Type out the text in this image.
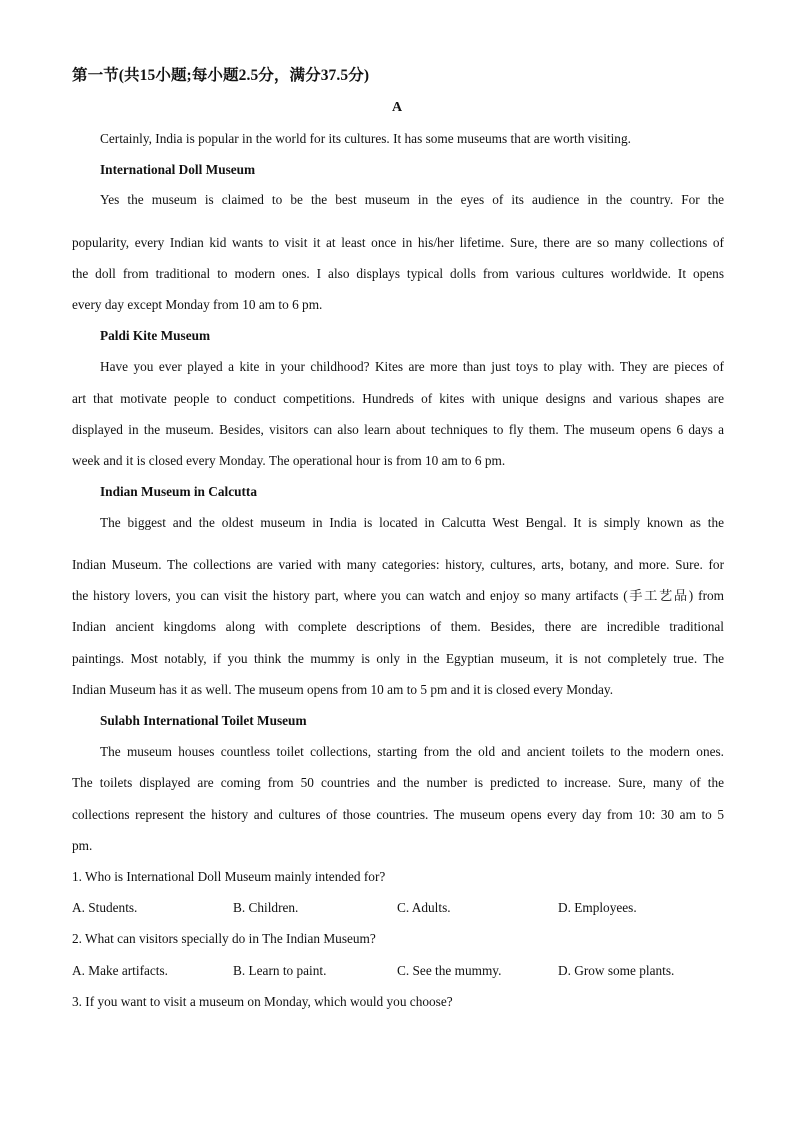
第一节(共15小题;每小题2.5分，满分37.5分)
A
Certainly, India is popular in the world for its cultures. It has some museums that are worth visiting.
International Doll Museum
Yes the museum is claimed to be the best museum in the eyes of its audience in the country. For the
popularity, every Indian kid wants to visit it at least once in his/her lifetime. Sure, there are so many collections of
the doll from traditional to modern ones. I also displays typical dolls from various cultures worldwide. It opens
every day except Monday from 10 am to 6 pm.
Paldi Kite Museum
Have you ever played a kite in your childhood? Kites are more than just toys to play with. They are pieces of
art that motivate people to conduct competitions. Hundreds of kites with unique designs and various shapes are
displayed in the museum. Besides, visitors can also learn about techniques to fly them. The museum opens 6 days a
week and it is closed every Monday. The operational hour is from 10 am to 6 pm.
Indian Museum in Calcutta
The biggest and the oldest museum in India is located in Calcutta West Bengal. It is simply known as the
Indian Museum. The collections are varied with many categories: history, cultures, arts, botany, and more. Sure. for
the history lovers, you can visit the history part, where you can watch and enjoy so many artifacts (手工艺品) from
Indian ancient kingdoms along with complete descriptions of them. Besides, there are incredible traditional
paintings. Most notably, if you think the mummy is only in the Egyptian museum, it is not completely true. The
Indian Museum has it as well. The museum opens from 10 am to 5 pm and it is closed every Monday.
Sulabh International Toilet Museum
The museum houses countless toilet collections, starting from the old and ancient toilets to the modern ones.
The toilets displayed are coming from 50 countries and the number is predicted to increase. Sure, many of the
collections represent the history and cultures of those countries. The museum opens every day from 10: 30 am to 5
pm.
1. Who is International Doll Museum mainly intended for?
A. Students.	B. Children.	C. Adults.	D. Employees.
2. What can visitors specially do in The Indian Museum?
A. Make artifacts.	B. Learn to paint.	C. See the mummy.	D. Grow some plants.
3. If you want to visit a museum on Monday, which would you choose?
